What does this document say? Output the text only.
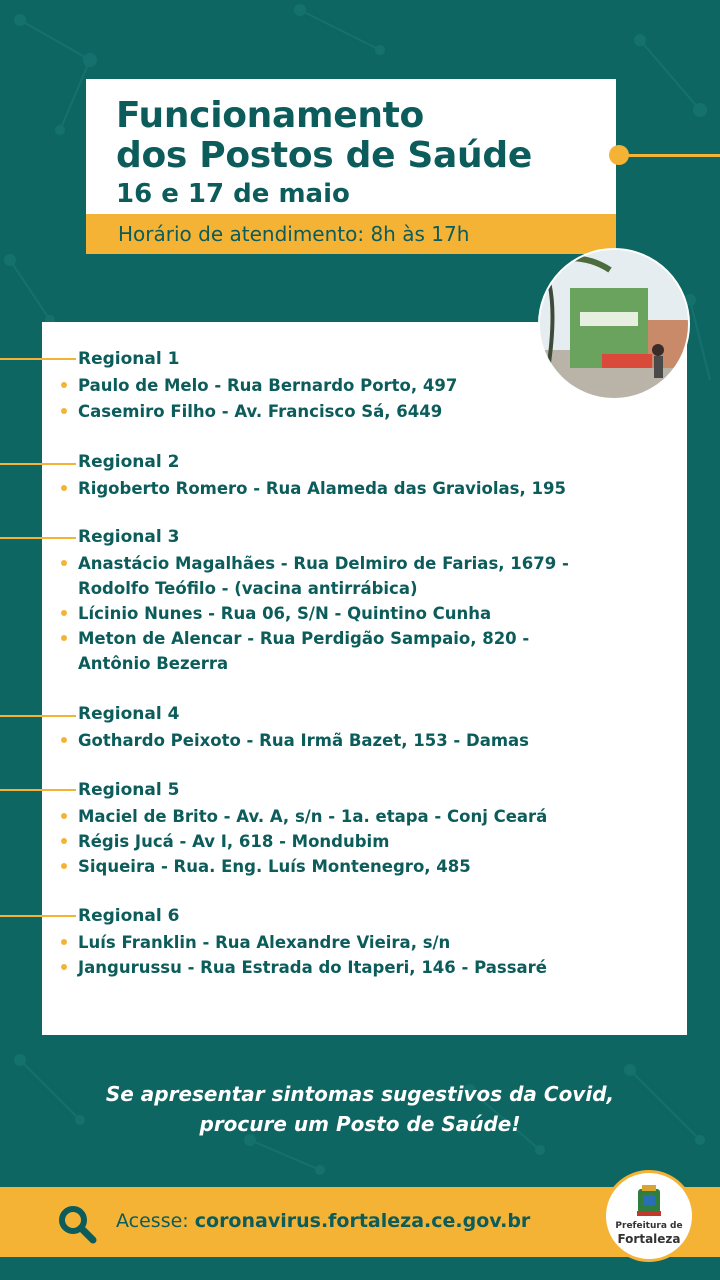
Funcionamento
dos Postos de Saúde
16 e 17 de maio
Horário de atendimento: 8h às 17h
Regional 1
Paulo de Melo - Rua Bernardo Porto, 497
Casemiro Filho - Av. Francisco Sá, 6449
Regional 2
Rigoberto Romero - Rua Alameda das Graviolas, 195
Regional 3
Anastácio Magalhães - Rua Delmiro de Farias, 1679 -
Rodolfo Teófilo - (vacina antirrábica)
Lícinio Nunes - Rua 06, S/N - Quintino Cunha
Meton de Alencar - Rua Perdigão Sampaio, 820 -
Antônio Bezerra
Regional 4
Gothardo Peixoto - Rua Irmã Bazet, 153 - Damas
Regional 5
Maciel de Brito - Av. A, s/n - 1a. etapa - Conj Ceará
Régis Jucá - Av I, 618 - Mondubim
Siqueira - Rua. Eng. Luís Montenegro, 485
Regional 6
Luís Franklin - Rua Alexandre Vieira, s/n
Jangurussu - Rua Estrada do Itaperi, 146 - Passaré
Se apresentar sintomas sugestivos da Covid,
procure um Posto de Saúde!
Acesse: coronavirus.fortaleza.ce.gov.br	Prefeitura de
Fortaleza
